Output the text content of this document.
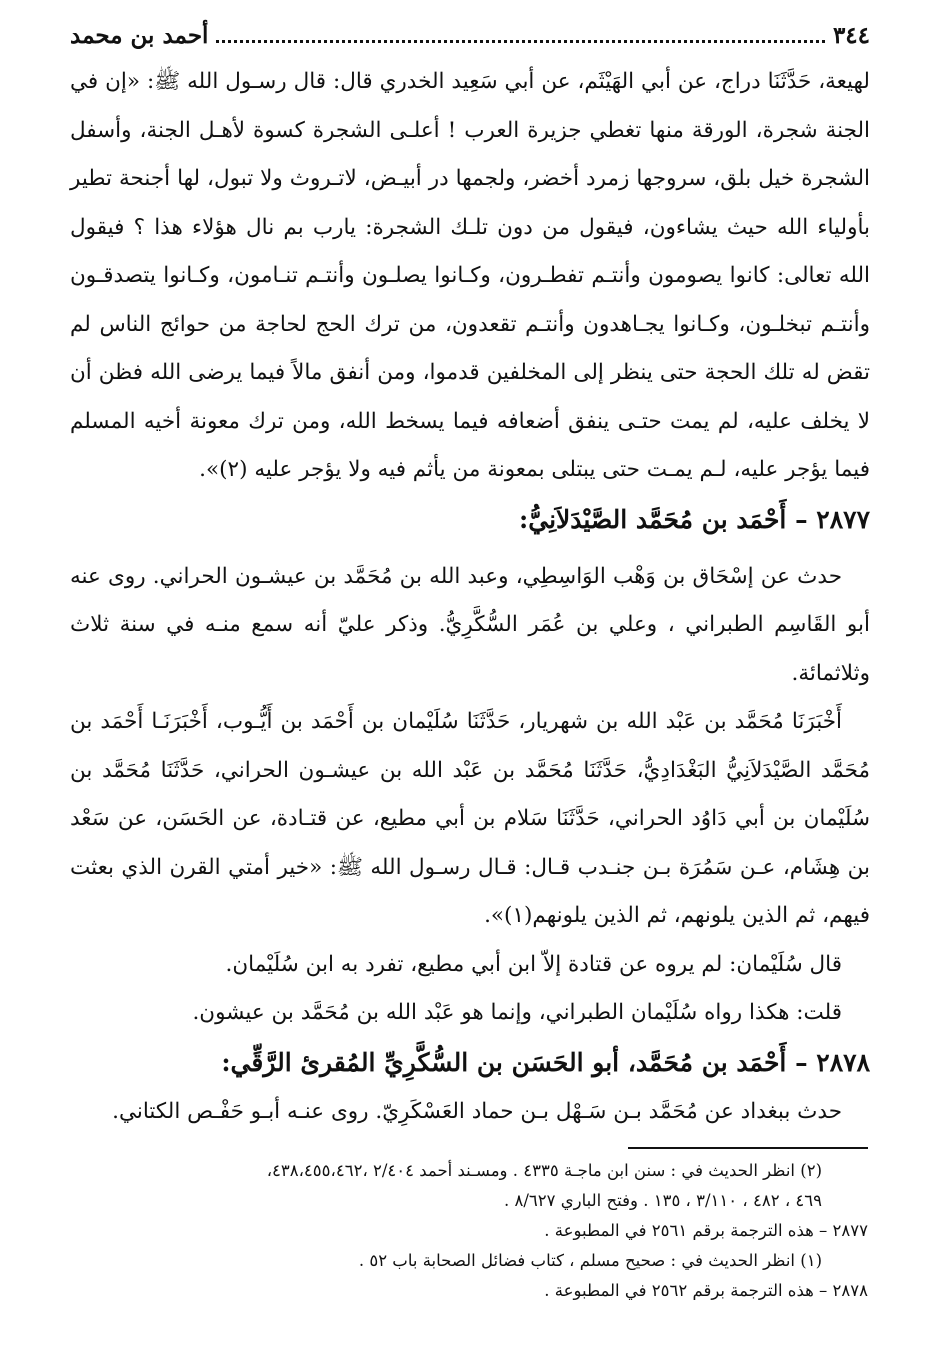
٣٤٤
أحمد بن محمد

لهيعة، حَدَّثَنَا دراج، عن أبي الهَيْثَم، عن أبي سَعِيد الخدري قال: قال رسـول الله ﷺ: «إن في الجنة شجرة، الورقة منها تغطي جزيرة العرب ! أعلـى الشجرة كسوة لأهـل الجنة، وأسفل الشجرة خيل بلق، سروجها زمرد أخضر، ولجمها در أبيـض، لاتـروث ولا تبول، لها أجنحة تطير بأولياء الله حيث يشاءون، فيقول من دون تلـك الشجرة: يارب بم نال هؤلاء هذا ؟ فيقول الله تعالى: كانوا يصومون وأنتـم تفطـرون، وكـانوا يصلـون وأنتـم تنـامون، وكـانوا يتصدقـون وأنتـم تبخلـون، وكـانوا يجـاهدون وأنتـم تقعدون، من ترك الحج لحاجة من حوائج الناس لم تقض له تلك الحجة حتى ينظر إلى المخلفين قدموا، ومن أنفق مالاً فيما يرضى الله فظن أن لا يخلف عليه، لم يمت حتـى ينفق أضعافه فيما يسخط الله، ومن ترك معونة أخيه المسلم فيما يؤجر عليه، لـم يمـت حتى يبتلى بمعونة من يأثم فيه ولا يؤجر عليه (٢)».

٢٨٧٧ – أَحْمَد بن مُحَمَّد الصَّيْدَلاَنِيُّ:

حدث عن إسْحَاق بن وَهْب الوَاسِطِي، وعبد الله بن مُحَمَّد بن عيشـون الحراني. روى عنه أبو القَاسِم الطبراني ، وعلي بن عُمَر السُّكَّرِيُّ. وذكر عليّ أنه سمع منـه في سنة ثلاث وثلاثمائة.

أَخْبَرَنَا مُحَمَّد بن عَبْد الله بن شهريار، حَدَّثَنَا سُلَيْمان بن أَحْمَد بن أَيُّـوب، أَخْبَرَنَـا أَحْمَد بن مُحَمَّد الصَّيْدَلاَنِيُّ البَغْدَادِيُّ، حَدَّثَنَا مُحَمَّد بن عَبْد الله بن عيشـون الحراني، حَدَّثَنَا مُحَمَّد بن سُلَيْمان بن أبي دَاوُد الحراني، حَدَّثَنَا سَلام بن أبي مطيع، عن قتـادة، عن الحَسَن، عن سَعْد بن هِشَام، عـن سَمُرَة بـن جنـدب قـال: قـال رسـول الله ﷺ: «خير أمتي القرن الذي بعثت فيهم، ثم الذين يلونهم، ثم الذين يلونهم(١)».

قال سُلَيْمان: لم يروه عن قتادة إلاّ ابن أبي مطيع، تفرد به ابن سُلَيْمان.

قلت: هكذا رواه سُلَيْمان الطبراني، وإنما هو عَبْد الله بن مُحَمَّد بن عيشون.

٢٨٧٨ – أَحْمَد بن مُحَمَّد، أبو الحَسَن بن السُّكَّرِيِّ المُقرئ الرَّقِّي:

حدث ببغداد عن مُحَمَّد بـن سَـهْل بـن حماد العَسْكَرِيّ. روى عنـه أبـو حَفْـص الكتاني.

(٢) انظر الحديث في : سنن ابن ماجـة ٤٣٣٥ . ومسـند أحمد ٢/٤٠٤ ،٤٣٨،٤٥٥،٤٦٢،
٤٦٩ ، ٤٨٢ ، ٣/١١٠ ، ١٣٥ . وفتح الباري ٨/٦٢٧ .
٢٨٧٧ – هذه الترجمة برقم ٢٥٦١ في المطبوعة .
(١) انظر الحديث في : صحيح مسلم ، كتاب فضائل الصحابة باب ٥٢ .
٢٨٧٨ – هذه الترجمة برقم ٢٥٦٢ في المطبوعة .
